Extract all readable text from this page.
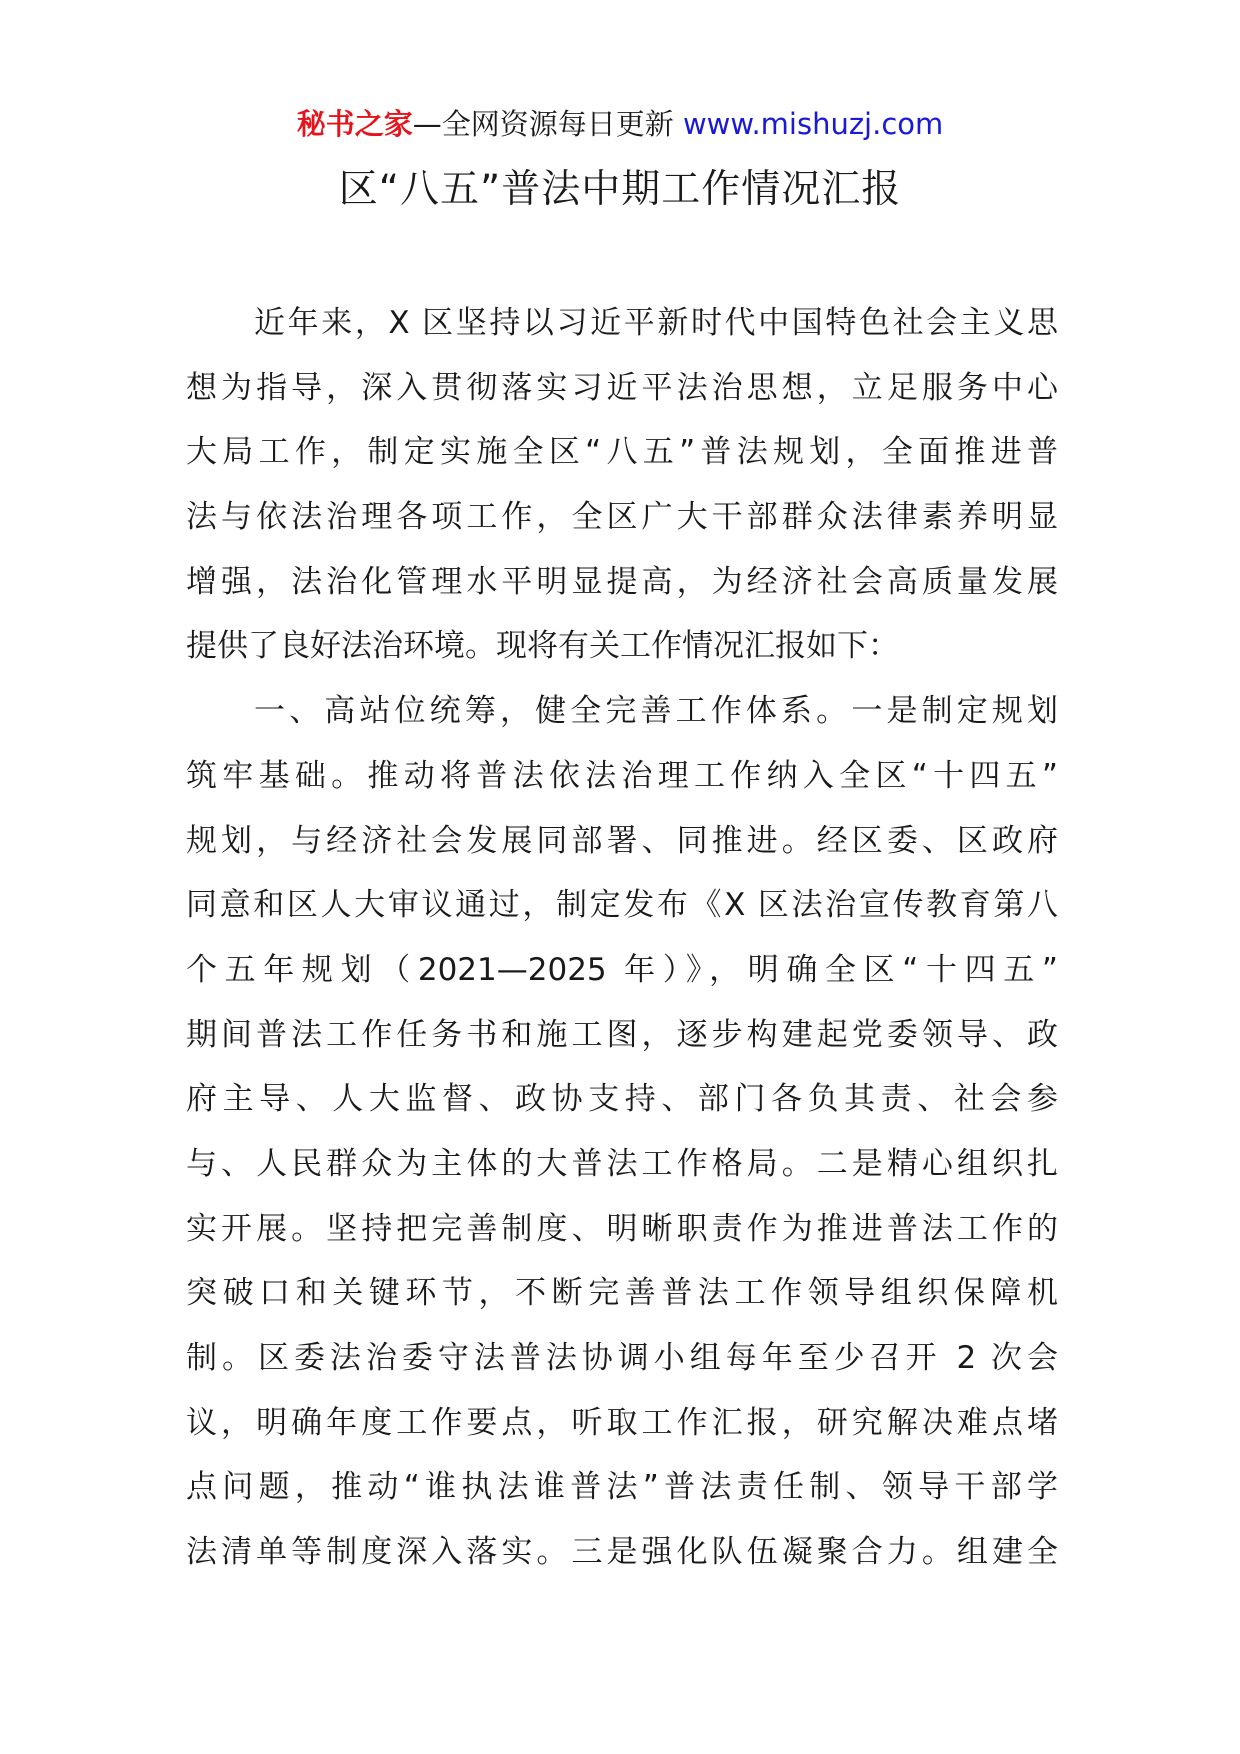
秘书之家—全网资源每日更新 www.mishuzj.com
区“八五”普法中期工作情况汇报
近年来，X 区坚持以习近平新时代中国特色社会主义思
想为指导，深入贯彻落实习近平法治思想，立足服务中心
大局工作，制定实施全区“八五”普法规划，全面推进普
法与依法治理各项工作，全区广大干部群众法律素养明显
增强，法治化管理水平明显提高，为经济社会高质量发展
提供了良好法治环境。现将有关工作情况汇报如下：
一、高站位统筹，健全完善工作体系。一是制定规划
筑牢基础。推动将普法依法治理工作纳入全区“十四五”
规划，与经济社会发展同部署、同推进。经区委、区政府
同意和区人大审议通过，制定发布《X 区法治宣传教育第八
个五年规划（2021—2025 年）》，明确全区“十四五”
期间普法工作任务书和施工图，逐步构建起党委领导、政
府主导、人大监督、政协支持、部门各负其责、社会参
与、人民群众为主体的大普法工作格局。二是精心组织扎
实开展。坚持把完善制度、明晰职责作为推进普法工作的
突破口和关键环节，不断完善普法工作领导组织保障机
制。区委法治委守法普法协调小组每年至少召开 2 次会
议，明确年度工作要点，听取工作汇报，研究解决难点堵
点问题，推动“谁执法谁普法”普法责任制、领导干部学
法清单等制度深入落实。三是强化队伍凝聚合力。组建全
